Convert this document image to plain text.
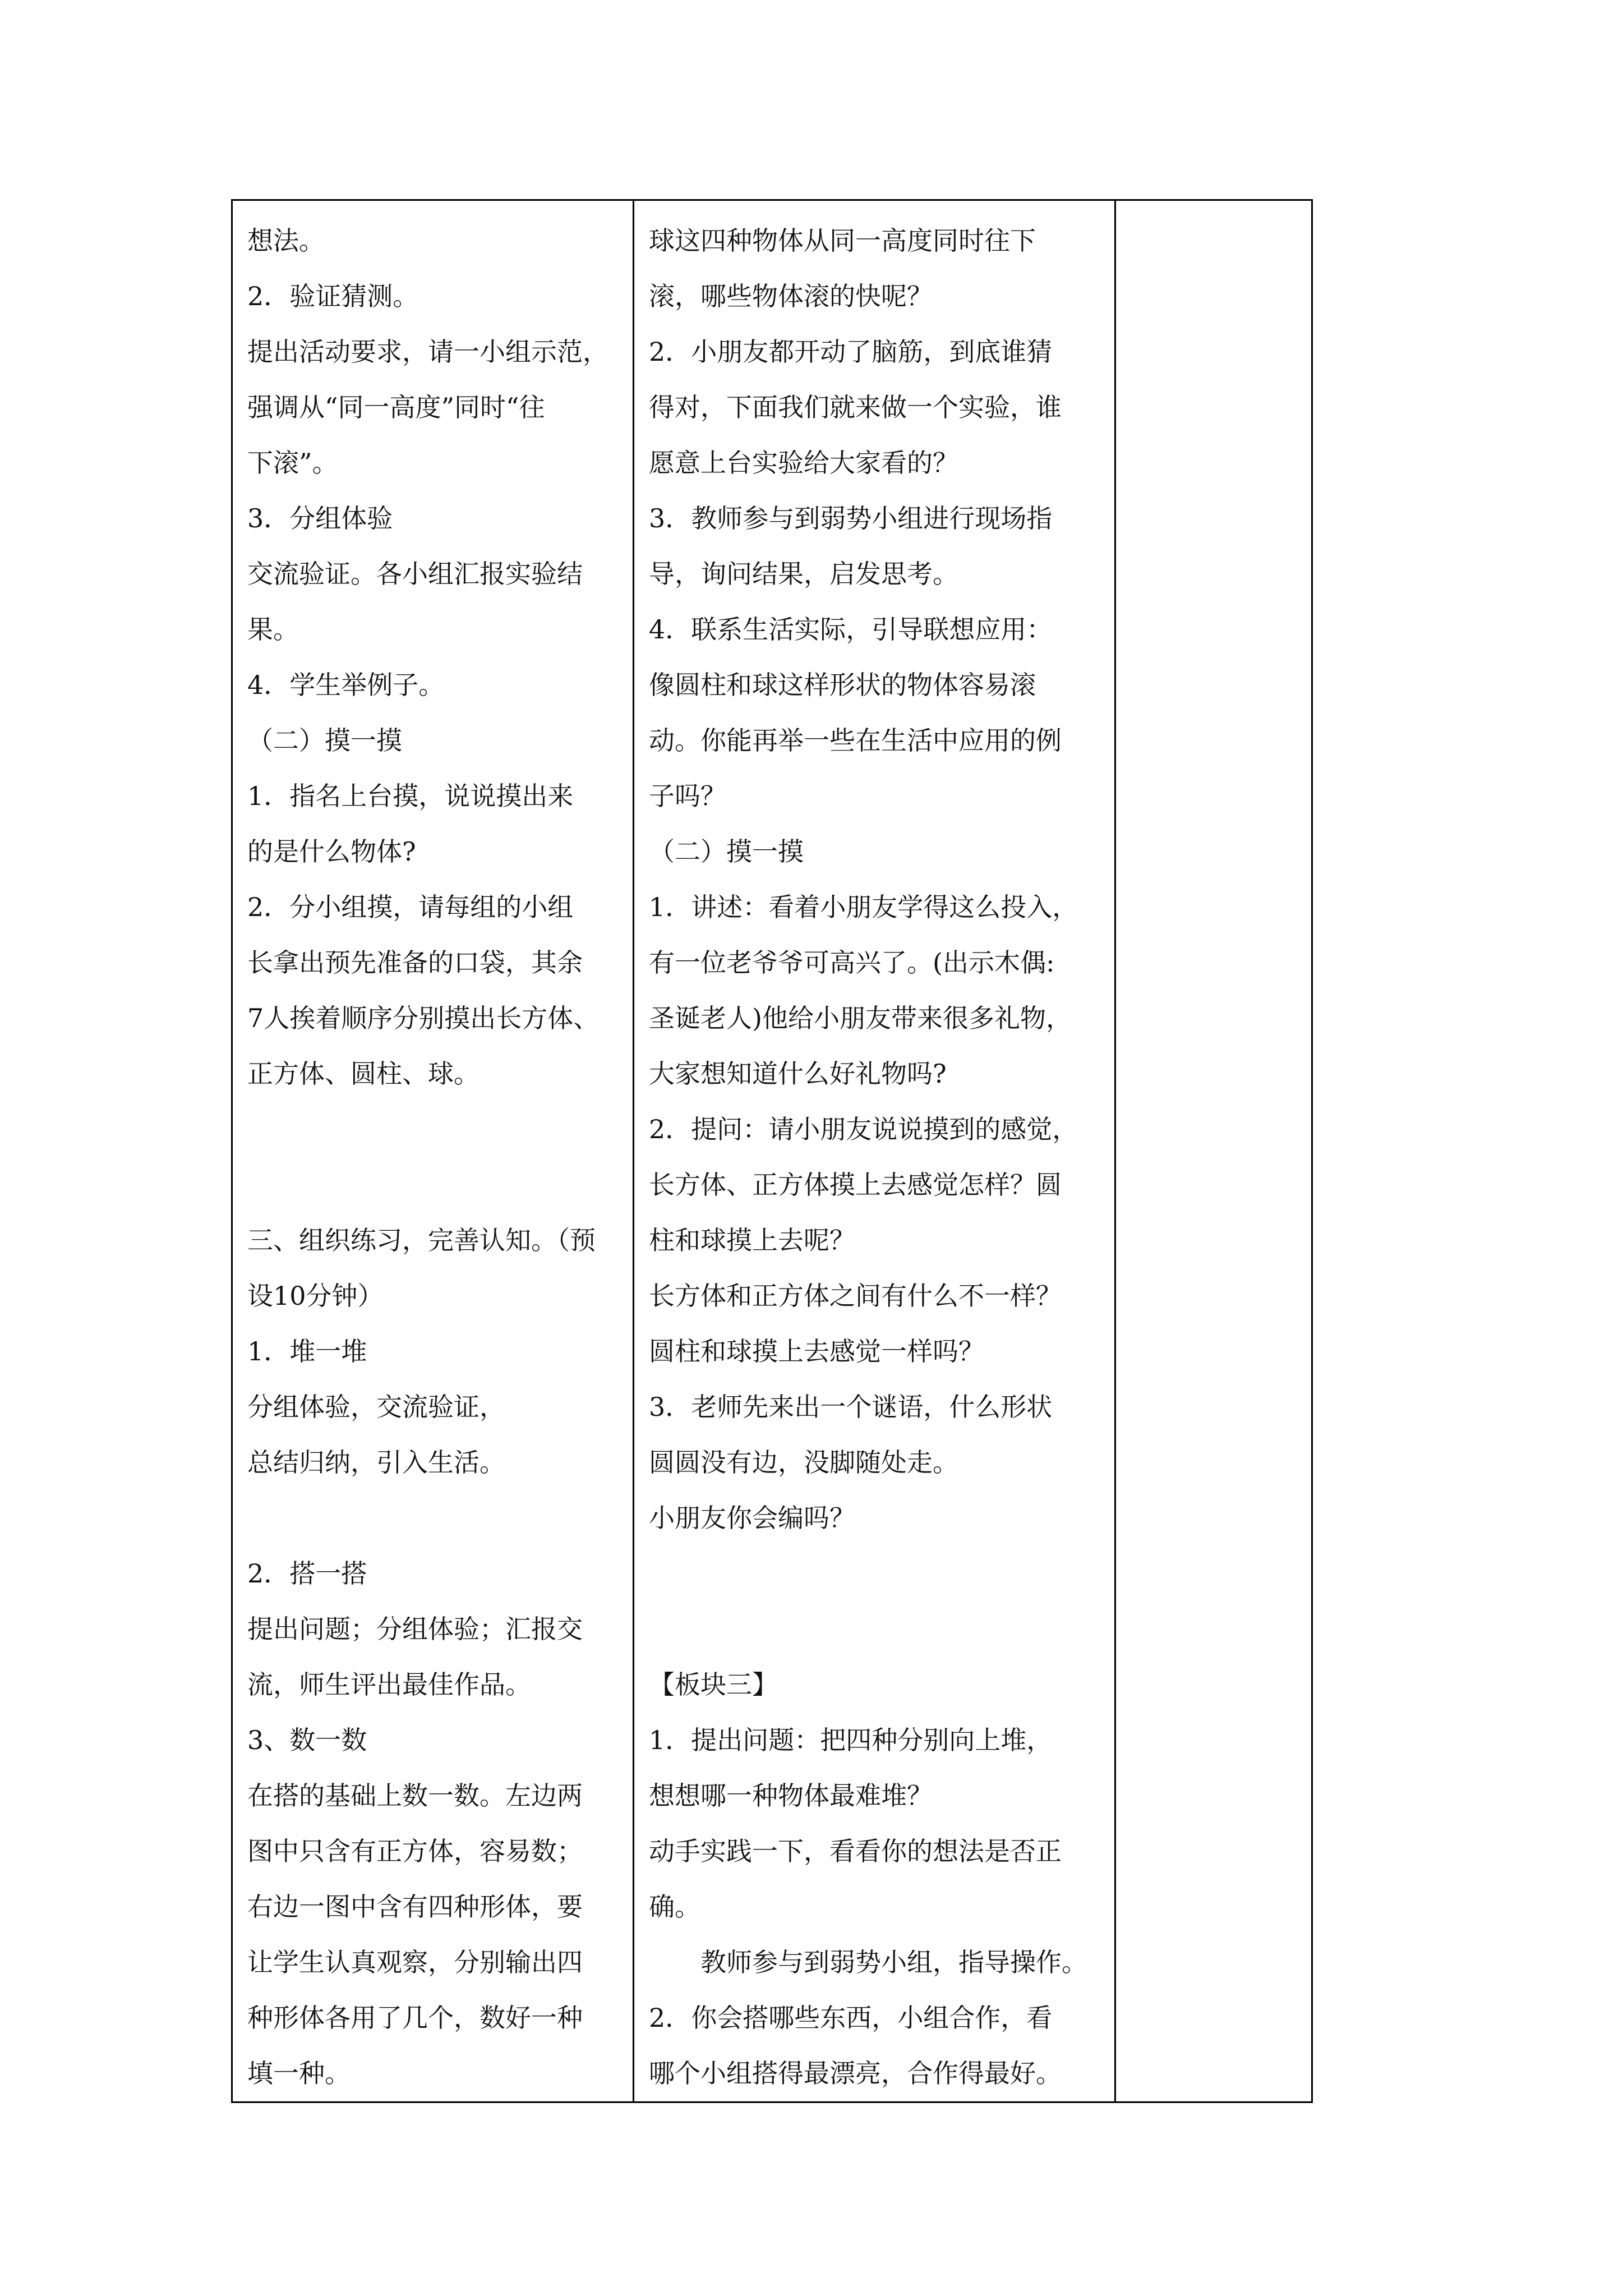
想法。
2．验证猜测。
提出活动要求，请一小组示范，
强调从“同一高度”同时“往
下滚”。
3．分组体验
交流验证。各小组汇报实验结
果。
4．学生举例子。
（二）摸一摸
1．指名上台摸，说说摸出来
的是什么物体?
2．分小组摸，请每组的小组
长拿出预先准备的口袋，其余
7人挨着顺序分别摸出长方体、
正方体、圆柱、球。
三、组织练习，完善认知。（预
设10分钟）
1．堆一堆
分组体验，交流验证，
总结归纳，引入生活。
2．搭一搭
提出问题；分组体验；汇报交
流，师生评出最佳作品。
3、数一数
在搭的基础上数一数。左边两
图中只含有正方体，容易数；
右边一图中含有四种形体，要
让学生认真观察，分别输出四
种形体各用了几个，数好一种
填一种。

球这四种物体从同一高度同时往下
滚，哪些物体滚的快呢？
2．小朋友都开动了脑筋，到底谁猜
得对，下面我们就来做一个实验，谁
愿意上台实验给大家看的？
3．教师参与到弱势小组进行现场指
导，询问结果，启发思考。
4．联系生活实际，引导联想应用：
像圆柱和球这样形状的物体容易滚
动。你能再举一些在生活中应用的例
子吗？
（二）摸一摸
1．讲述：看着小朋友学得这么投入，
有一位老爷爷可高兴了。(出示木偶:
圣诞老人)他给小朋友带来很多礼物，
大家想知道什么好礼物吗?
2．提问：请小朋友说说摸到的感觉，
长方体、正方体摸上去感觉怎样？圆
柱和球摸上去呢？
长方体和正方体之间有什么不一样？
圆柱和球摸上去感觉一样吗？
3．老师先来出一个谜语，什么形状
圆圆没有边，没脚随处走。
小朋友你会编吗？
【板块三】
1．提出问题：把四种分别向上堆，
想想哪一种物体最难堆？
动手实践一下，看看你的想法是否正
确。
教师参与到弱势小组，指导操作。
2．你会搭哪些东西，小组合作，看
哪个小组搭得最漂亮，合作得最好。
